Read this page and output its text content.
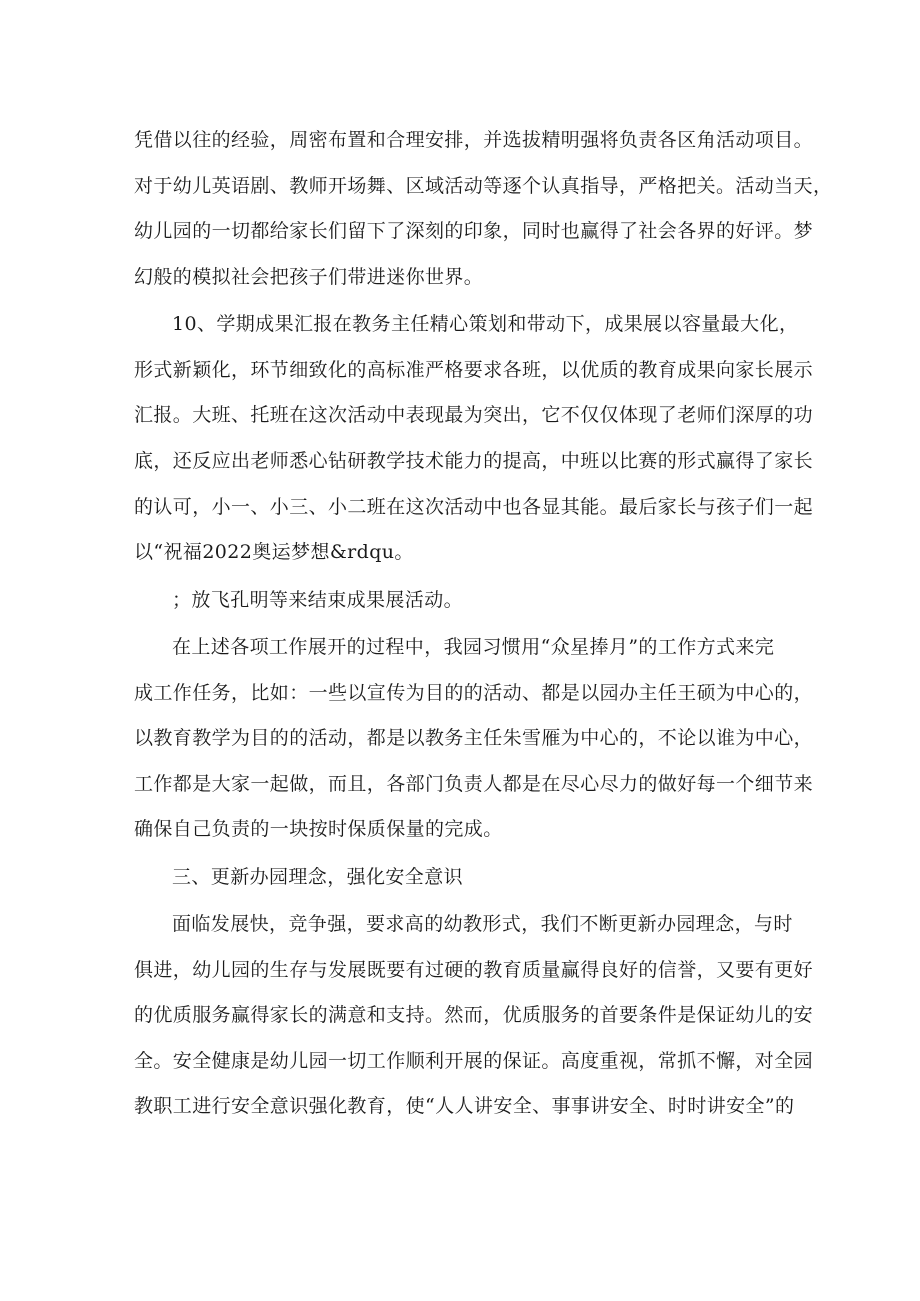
凭借以往的经验，周密布置和合理安排，并选拔精明强将负责各区角活动项目。
对于幼儿英语剧、教师开场舞、区域活动等逐个认真指导，严格把关。活动当天，
幼儿园的一切都给家长们留下了深刻的印象，同时也赢得了社会各界的好评。梦
幻般的模拟社会把孩子们带进迷你世界。

10、学期成果汇报在教务主任精心策划和带动下，成果展以容量最大化，
形式新颖化，环节细致化的高标准严格要求各班，以优质的教育成果向家长展示
汇报。大班、托班在这次活动中表现最为突出，它不仅仅体现了老师们深厚的功
底，还反应出老师悉心钻研教学技术能力的提高，中班以比赛的形式赢得了家长
的认可，小一、小三、小二班在这次活动中也各显其能。最后家长与孩子们一起
以“祝福2022奥运梦想&rdqu。

；放飞孔明等来结束成果展活动。

在上述各项工作展开的过程中，我园习惯用“众星捧月”的工作方式来完
成工作任务，比如：一些以宣传为目的的活动、都是以园办主任王硕为中心的，
以教育教学为目的的活动，都是以教务主任朱雪雁为中心的，不论以谁为中心，
工作都是大家一起做，而且，各部门负责人都是在尽心尽力的做好每一个细节来
确保自己负责的一块按时保质保量的完成。

三、更新办园理念，强化安全意识

面临发展快，竞争强，要求高的幼教形式，我们不断更新办园理念，与时
俱进，幼儿园的生存与发展既要有过硬的教育质量赢得良好的信誉，又要有更好
的优质服务赢得家长的满意和支持。然而，优质服务的首要条件是保证幼儿的安
全。安全健康是幼儿园一切工作顺利开展的保证。高度重视，常抓不懈，对全园
教职工进行安全意识强化教育，使“人人讲安全、事事讲安全、时时讲安全”的
